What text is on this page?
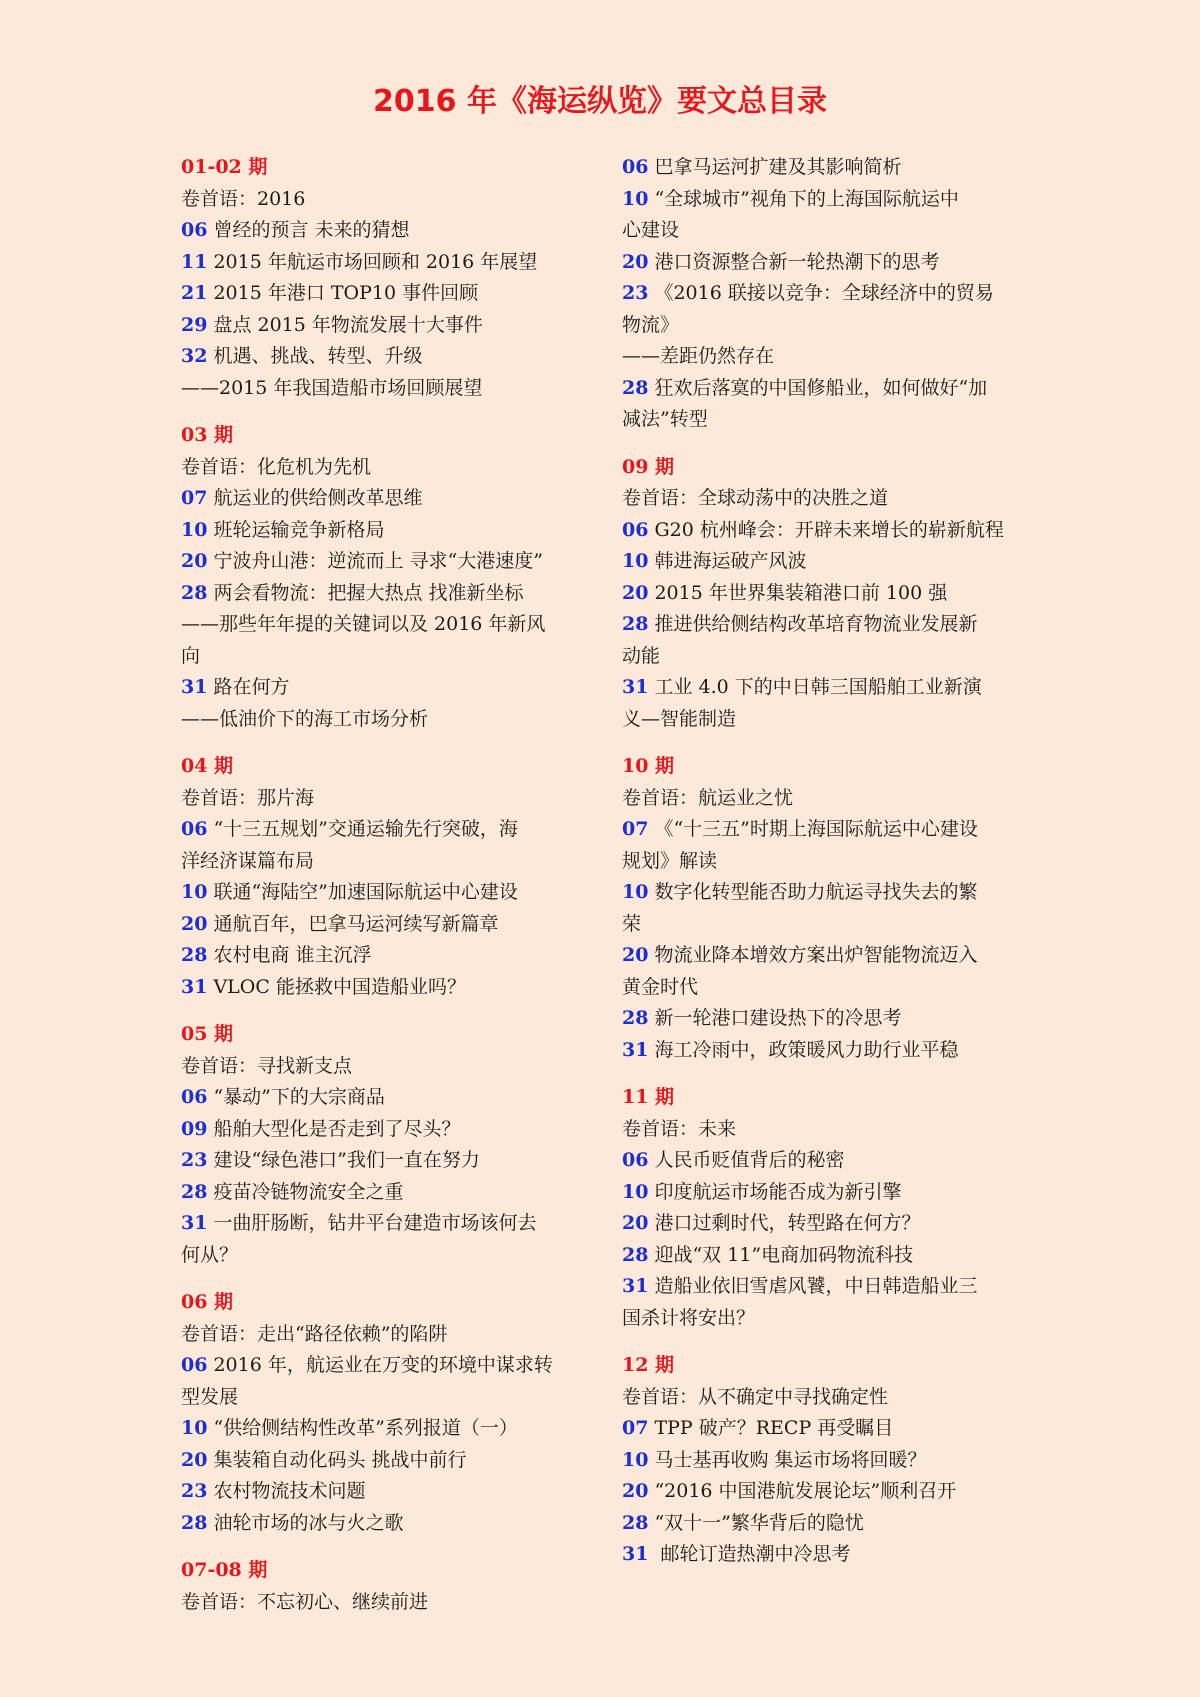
2016 年《海运纵览》要文总目录
01-02 期
卷首语：2016
06 曾经的预言 未来的猜想
11 2015 年航运市场回顾和 2016 年展望
21 2015 年港口 TOP10 事件回顾
29 盘点 2015 年物流发展十大事件
32 机遇、挑战、转型、升级
——2015 年我国造船市场回顾展望
03 期
卷首语：化危机为先机
07 航运业的供给侧改革思维
10 班轮运输竞争新格局
20 宁波舟山港：逆流而上 寻求“大港速度”
28 两会看物流：把握大热点 找准新坐标
——那些年年提的关键词以及 2016 年新风
向
31 路在何方
——低油价下的海工市场分析
04 期
卷首语：那片海
06 “十三五规划”交通运输先行突破，海
洋经济谋篇布局
10 联通“海陆空”加速国际航运中心建设
20 通航百年，巴拿马运河续写新篇章
28 农村电商 谁主沉浮
31 VLOC 能拯救中国造船业吗？
05 期
卷首语：寻找新支点
06 “暴动”下的大宗商品
09 船舶大型化是否走到了尽头？
23 建设“绿色港口”我们一直在努力
28 疫苗冷链物流安全之重
31 一曲肝肠断，钻井平台建造市场该何去
何从？
06 期
卷首语：走出“路径依赖”的陷阱
06 2016 年，航运业在万变的环境中谋求转
型发展
10 “供给侧结构性改革”系列报道（一）
20 集装箱自动化码头 挑战中前行
23 农村物流技术问题
28 油轮市场的冰与火之歌
07-08 期
卷首语：不忘初心、继续前进
06 巴拿马运河扩建及其影响简析
10 “全球城市”视角下的上海国际航运中
心建设
20 港口资源整合新一轮热潮下的思考
23 《2016 联接以竞争：全球经济中的贸易
物流》
——差距仍然存在
28 狂欢后落寞的中国修船业，如何做好“加
减法”转型
09 期
卷首语：全球动荡中的决胜之道
06 G20 杭州峰会：开辟未来增长的崭新航程
10 韩进海运破产风波
20 2015 年世界集装箱港口前 100 强
28 推进供给侧结构改革培育物流业发展新
动能
31 工业 4.0 下的中日韩三国船舶工业新演
义—智能制造
10 期
卷首语：航运业之忧
07 《“十三五”时期上海国际航运中心建设
规划》解读
10 数字化转型能否助力航运寻找失去的繁
荣
20 物流业降本增效方案出炉智能物流迈入
黄金时代
28 新一轮港口建设热下的冷思考
31 海工冷雨中，政策暖风力助行业平稳
11 期
卷首语：未来
06 人民币贬值背后的秘密
10 印度航运市场能否成为新引擎
20 港口过剩时代，转型路在何方？
28 迎战“双 11”电商加码物流科技
31 造船业依旧雪虐风饕，中日韩造船业三
国杀计将安出？
12 期
卷首语：从不确定中寻找确定性
07 TPP 破产？RECP 再受瞩目
10 马士基再收购 集运市场将回暖？
20 “2016 中国港航发展论坛”顺利召开
28 “双十一”繁华背后的隐忧
31 邮轮订造热潮中冷思考
